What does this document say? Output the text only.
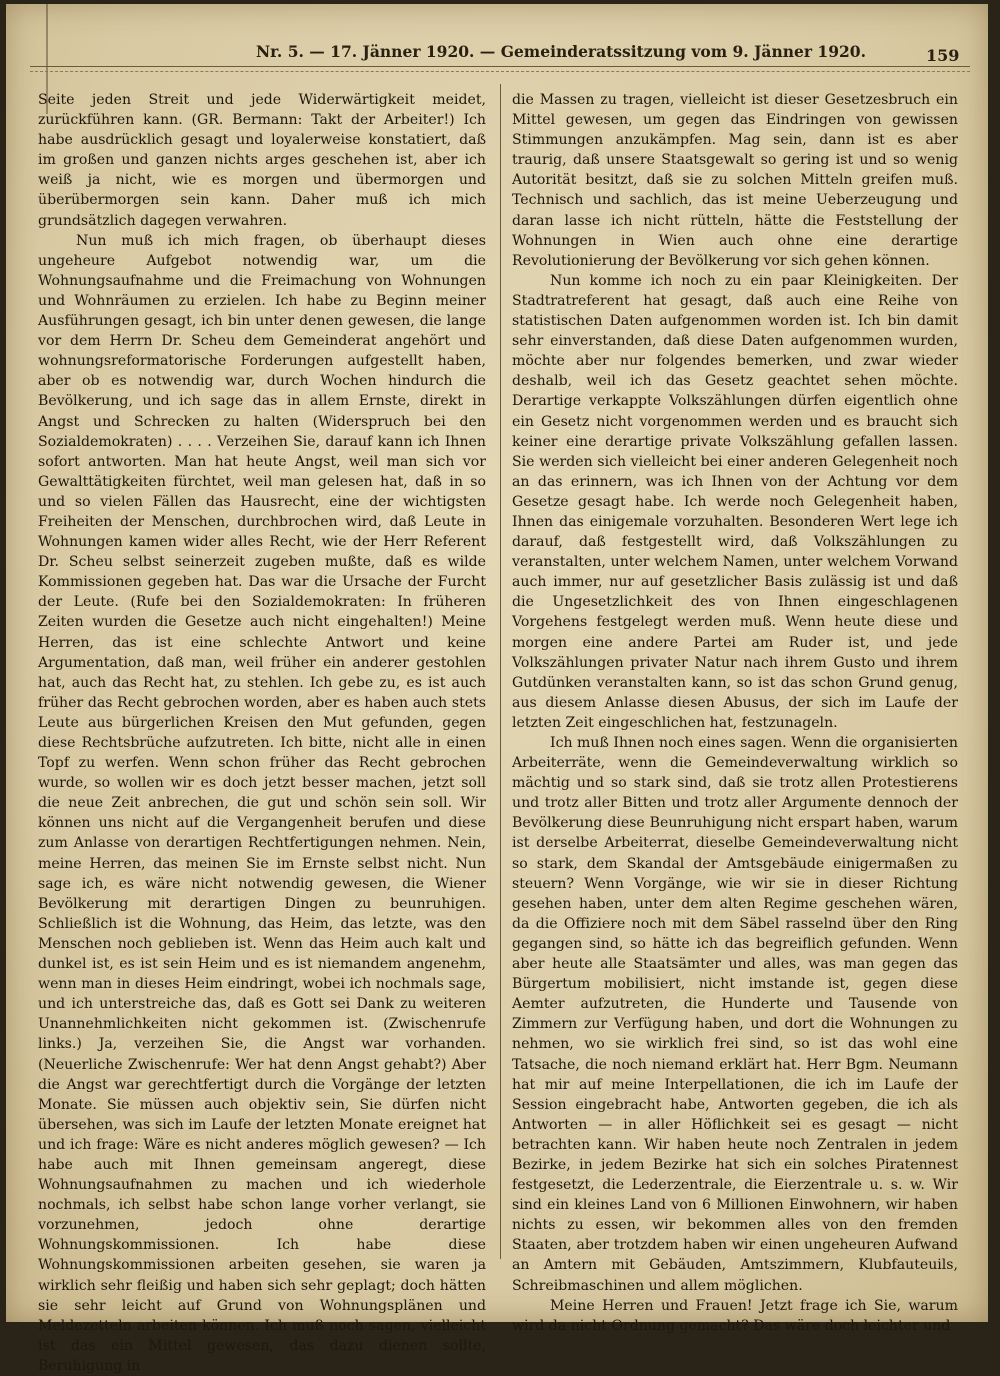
Nr. 5. — 17. Jänner 1920. — Gemeinderatssitzung vom 9. Jänner 1920.	159

Seite jeden Streit und jede Widerwärtigkeit meidet, zurückführen kann. (GR. Bermann: Takt der Arbeiter!) Ich habe ausdrücklich gesagt und loyalerweise konstatiert, daß im großen und ganzen nichts arges geschehen ist, aber ich weiß ja nicht, wie es morgen und übermorgen und überübermorgen sein kann. Daher muß ich mich grundsätzlich dagegen verwahren.

Nun muß ich mich fragen, ob überhaupt dieses ungeheure Aufgebot notwendig war, um die Wohnungsaufnahme und die Freimachung von Wohnungen und Wohnräumen zu erzielen. Ich habe zu Beginn meiner Ausführungen gesagt, ich bin unter denen gewesen, die lange vor dem Herrn Dr. Scheu dem Gemeinderat angehört und wohnungsreformatorische Forderungen aufgestellt haben, aber ob es notwendig war, durch Wochen hindurch die Bevölkerung, und ich sage das in allem Ernste, direkt in Angst und Schrecken zu halten (Widerspruch bei den Sozialdemokraten) . . . . Verzeihen Sie, darauf kann ich Ihnen sofort antworten. Man hat heute Angst, weil man sich vor Gewalttätigkeiten fürchtet, weil man gelesen hat, daß in so und so vielen Fällen das Hausrecht, eine der wichtigsten Freiheiten der Menschen, durchbrochen wird, daß Leute in Wohnungen kamen wider alles Recht, wie der Herr Referent Dr. Scheu selbst seinerzeit zugeben mußte, daß es wilde Kommissionen gegeben hat. Das war die Ursache der Furcht der Leute. (Rufe bei den Sozialdemokraten: In früheren Zeiten wurden die Gesetze auch nicht eingehalten!) Meine Herren, das ist eine schlechte Antwort und keine Argumentation, daß man, weil früher ein anderer gestohlen hat, auch das Recht hat, zu stehlen. Ich gebe zu, es ist auch früher das Recht gebrochen worden, aber es haben auch stets Leute aus bürgerlichen Kreisen den Mut gefunden, gegen diese Rechtsbrüche aufzutreten. Ich bitte, nicht alle in einen Topf zu werfen. Wenn schon früher das Recht gebrochen wurde, so wollen wir es doch jetzt besser machen, jetzt soll die neue Zeit anbrechen, die gut und schön sein soll. Wir können uns nicht auf die Vergangenheit berufen und diese zum Anlasse von derartigen Rechtfertigungen nehmen. Nein, meine Herren, das meinen Sie im Ernste selbst nicht. Nun sage ich, es wäre nicht notwendig gewesen, die Wiener Bevölkerung mit derartigen Dingen zu beunruhigen. Schließlich ist die Wohnung, das Heim, das letzte, was den Menschen noch geblieben ist. Wenn das Heim auch kalt und dunkel ist, es ist sein Heim und es ist niemandem angenehm, wenn man in dieses Heim eindringt, wobei ich nochmals sage, und ich unterstreiche das, daß es Gott sei Dank zu weiteren Unannehmlichkeiten nicht gekommen ist. (Zwischenrufe links.) Ja, verzeihen Sie, die Angst war vorhanden. (Neuerliche Zwischenrufe: Wer hat denn Angst gehabt?) Aber die Angst war gerechtfertigt durch die Vorgänge der letzten Monate. Sie müssen auch objektiv sein, Sie dürfen nicht übersehen, was sich im Laufe der letzten Monate ereignet hat und ich frage: Wäre es nicht anderes möglich gewesen? — Ich habe auch mit Ihnen gemeinsam angeregt, diese Wohnungsaufnahmen zu machen und ich wiederhole nochmals, ich selbst habe schon lange vorher verlangt, sie vorzunehmen, jedoch ohne derartige Wohnungskommissionen. Ich habe diese Wohnungskommissionen arbeiten gesehen, sie waren ja wirklich sehr fleißig und haben sich sehr geplagt; doch hätten sie sehr leicht auf Grund von Wohnungsplänen und Meldezetteln arbeiten können. Ich muß noch sagen, vielleicht ist das ein Mittel gewesen, das dazu dienen sollte, Beruhigung in

die Massen zu tragen, vielleicht ist dieser Gesetzesbruch ein Mittel gewesen, um gegen das Eindringen von gewissen Stimmungen anzukämpfen. Mag sein, dann ist es aber traurig, daß unsere Staatsgewalt so gering ist und so wenig Autorität besitzt, daß sie zu solchen Mitteln greifen muß. Technisch und sachlich, das ist meine Ueberzeugung und daran lasse ich nicht rütteln, hätte die Feststellung der Wohnungen in Wien auch ohne eine derartige Revolutionierung der Bevölkerung vor sich gehen können.

Nun komme ich noch zu ein paar Kleinigkeiten. Der Stadtratreferent hat gesagt, daß auch eine Reihe von statistischen Daten aufgenommen worden ist. Ich bin damit sehr einverstanden, daß diese Daten aufgenommen wurden, möchte aber nur folgendes bemerken, und zwar wieder deshalb, weil ich das Gesetz geachtet sehen möchte. Derartige verkappte Volkszählungen dürfen eigentlich ohne ein Gesetz nicht vorgenommen werden und es braucht sich keiner eine derartige private Volkszählung gefallen lassen. Sie werden sich vielleicht bei einer anderen Gelegenheit noch an das erinnern, was ich Ihnen von der Achtung vor dem Gesetze gesagt habe. Ich werde noch Gelegenheit haben, Ihnen das einigemale vorzuhalten. Besonderen Wert lege ich darauf, daß festgestellt wird, daß Volkszählungen zu veranstalten, unter welchem Namen, unter welchem Vorwand auch immer, nur auf gesetzlicher Basis zulässig ist und daß die Ungesetzlichkeit des von Ihnen eingeschlagenen Vorgehens festgelegt werden muß. Wenn heute diese und morgen eine andere Partei am Ruder ist, und jede Volkszählungen privater Natur nach ihrem Gusto und ihrem Gutdünken veranstalten kann, so ist das schon Grund genug, aus diesem Anlasse diesen Abusus, der sich im Laufe der letzten Zeit eingeschlichen hat, festzunageln.

Ich muß Ihnen noch eines sagen. Wenn die organisierten Arbeiterräte, wenn die Gemeindeverwaltung wirklich so mächtig und so stark sind, daß sie trotz allen Protestierens und trotz aller Bitten und trotz aller Argumente dennoch der Bevölkerung diese Beunruhigung nicht erspart haben, warum ist derselbe Arbeiterrat, dieselbe Gemeindeverwaltung nicht so stark, dem Skandal der Amtsgebäude einigermaßen zu steuern? Wenn Vorgänge, wie wir sie in dieser Richtung gesehen haben, unter dem alten Regime geschehen wären, da die Offiziere noch mit dem Säbel rasselnd über den Ring gegangen sind, so hätte ich das begreiflich gefunden. Wenn aber heute alle Staatsämter und alles, was man gegen das Bürgertum mobilisiert, nicht imstande ist, gegen diese Aemter aufzutreten, die Hunderte und Tausende von Zimmern zur Verfügung haben, und dort die Wohnungen zu nehmen, wo sie wirklich frei sind, so ist das wohl eine Tatsache, die noch niemand erklärt hat. Herr Bgm. Neumann hat mir auf meine Interpellationen, die ich im Laufe der Session eingebracht habe, Antworten gegeben, die ich als Antworten — in aller Höflichkeit sei es gesagt — nicht betrachten kann. Wir haben heute noch Zentralen in jedem Bezirke, in jedem Bezirke hat sich ein solches Piratennest festgesetzt, die Lederzentrale, die Eierzentrale u. s. w. Wir sind ein kleines Land von 6 Millionen Einwohnern, wir haben nichts zu essen, wir bekommen alles von den fremden Staaten, aber trotzdem haben wir einen ungeheuren Aufwand an Amtern mit Gebäuden, Amtszimmern, Klubfauteuils, Schreibmaschinen und allem möglichen.

Meine Herren und Frauen! Jetzt frage ich Sie, warum wird da nicht Ordnung gemacht? Das wäre doch leichter und
